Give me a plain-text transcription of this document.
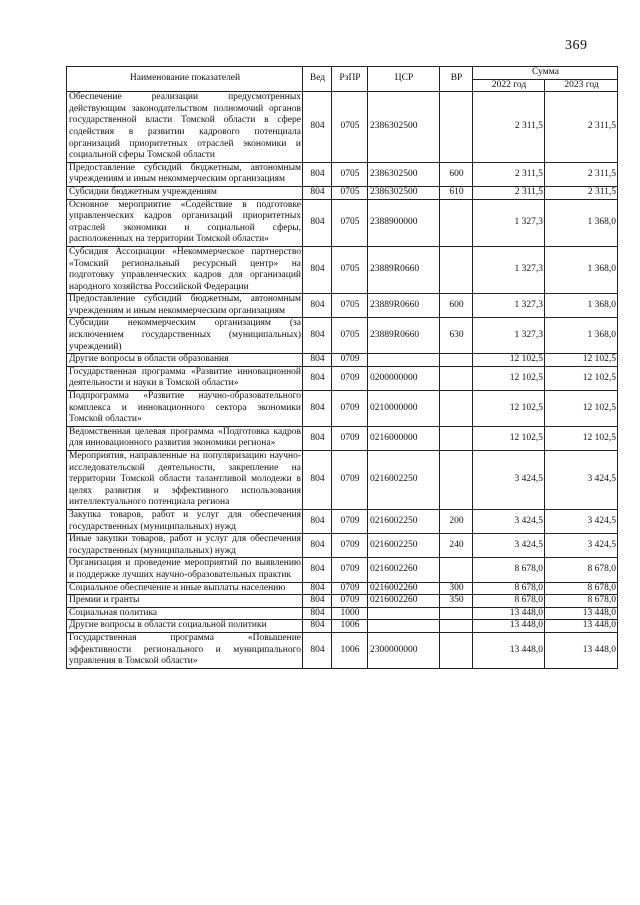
369
Наименование показателей	Вед	РзПР	ЦСР	ВР	Сумма	
					2022 год	2023 год
Обеспечение реализации предусмотренных действующим законодательством полномочий органов государственной власти Томской области в сфере содействия в развитии кадрового потенциала организаций приоритетных отраслей экономики и социальной сферы Томской области	804	0705	2386302500		2 311,5	2 311,5
Предоставление субсидий бюджетным, автономным учреждениям и иным некоммерческим организациям	804	0705	2386302500	600	2 311,5	2 311,5
Субсидии бюджетным учреждениям	804	0705	2386302500	610	2 311,5	2 311,5
Основное мероприятие «Содействие в подготовке управленческих кадров организаций приоритетных отраслей экономики и социальной сферы, расположенных на территории Томской области»	804	0705	2388900000		1 327,3	1 368,0
Субсидия Ассоциации «Некоммерческое партнерство «Томский региональный ресурсный центр» на подготовку управленческих кадров для организаций народного хозяйства Российской Федерации	804	0705	23889R0660		1 327,3	1 368,0
Предоставление субсидий бюджетным, автономным учреждениям и иным некоммерческим организациям	804	0705	23889R0660	600	1 327,3	1 368,0
Субсидии некоммерческим организациям (за исключением государственных (муниципальных) учреждений)	804	0705	23889R0660	630	1 327,3	1 368,0
Другие вопросы в области образования	804	0709			12 102,5	12 102,5
Государственная программа «Развитие инновационной деятельности и науки в Томской области»	804	0709	0200000000		12 102,5	12 102,5
Подпрограмма «Развитие научно-образовательного комплекса и инновационного сектора экономики Томской области»	804	0709	0210000000		12 102,5	12 102,5
Ведомственная целевая программа «Подготовка кадров для инновационного развития экономики региона»	804	0709	0216000000		12 102,5	12 102,5
Мероприятия, направленные на популяризацию научно-исследовательской деятельности, закрепление на территории Томской области талантливой молодежи в целях развития и эффективного использования интеллектуального потенциала региона	804	0709	0216002250		3 424,5	3 424,5
Закупка товаров, работ и услуг для обеспечения государственных (муниципальных) нужд	804	0709	0216002250	200	3 424,5	3 424,5
Иные закупки товаров, работ и услуг для обеспечения государственных (муниципальных) нужд	804	0709	0216002250	240	3 424,5	3 424,5
Организация и проведение мероприятий по выявлению и поддержке лучших научно-образовательных практик	804	0709	0216002260		8 678,0	8 678,0
Социальное обеспечение и иные выплаты населению	804	0709	0216002260	300	8 678,0	8 678,0
Премии и гранты	804	0709	0216002260	350	8 678,0	8 678,0
Социальная политика	804	1000			13 448,0	13 448,0
Другие вопросы в области социальной политики	804	1006			13 448,0	13 448,0
Государственная программа «Повышение эффективности регионального и муниципального управления в Томской области»	804	1006	2300000000		13 448,0	13 448,0
